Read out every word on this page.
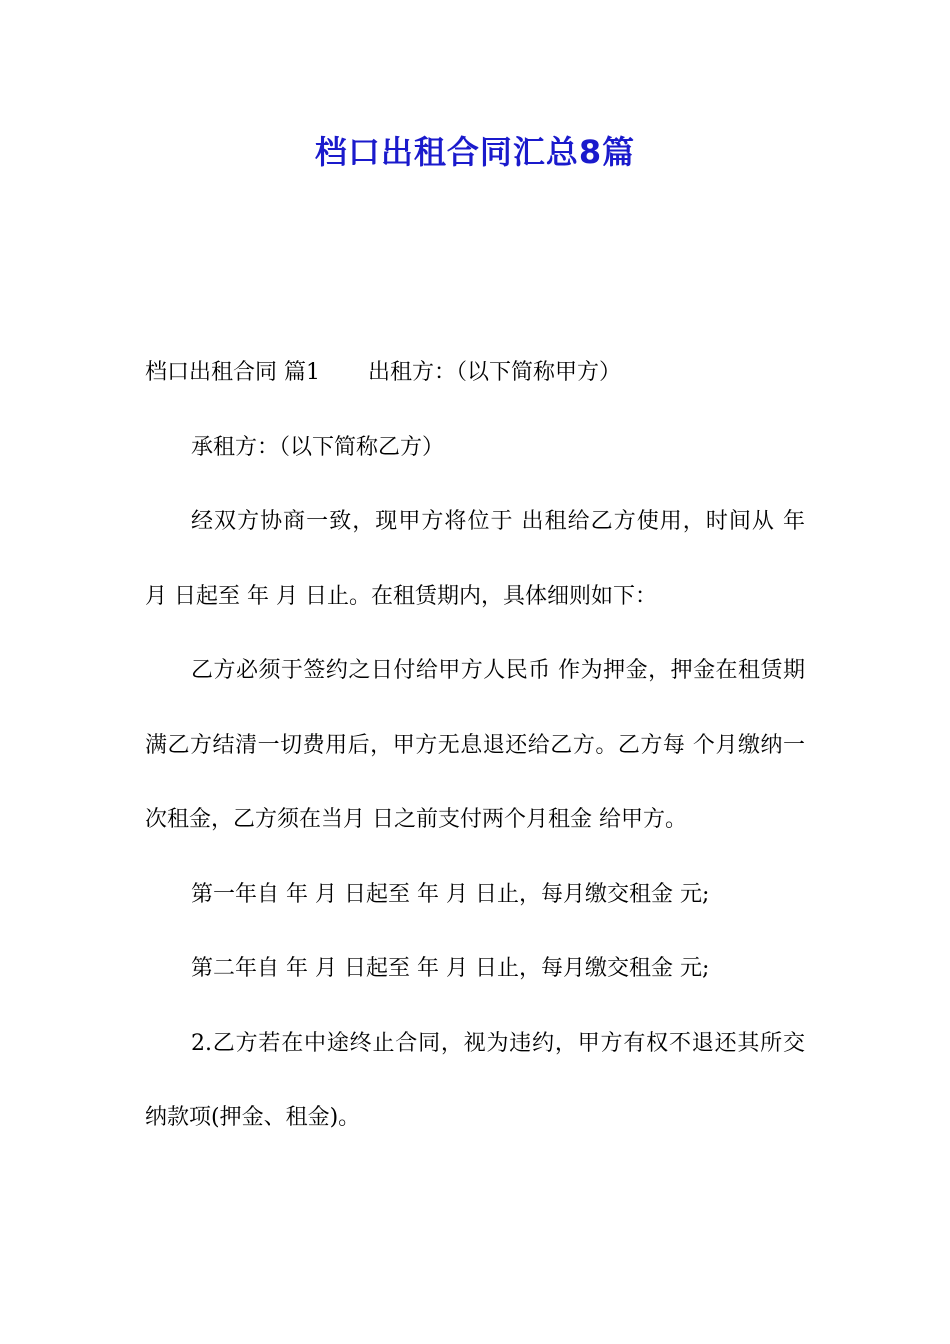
档口出租合同汇总8篇

档口出租合同 篇1 出租方：（以下简称甲方）

承租方：（以下简称乙方）

经双方协商一致，现甲方将位于 出租给乙方使用，时间从 年 月 日起至 年 月 日止。在租赁期内，具体细则如下：

乙方必须于签约之日付给甲方人民币 作为押金，押金在租赁期满乙方结清一切费用后，甲方无息退还给乙方。乙方每 个月缴纳一次租金，乙方须在当月 日之前支付两个月租金 给甲方。

第一年自 年 月 日起至 年 月 日止，每月缴交租金 元;

第二年自 年 月 日起至 年 月 日止，每月缴交租金 元;

2.乙方若在中途终止合同，视为违约，甲方有权不退还其所交纳款项(押金、租金)。
